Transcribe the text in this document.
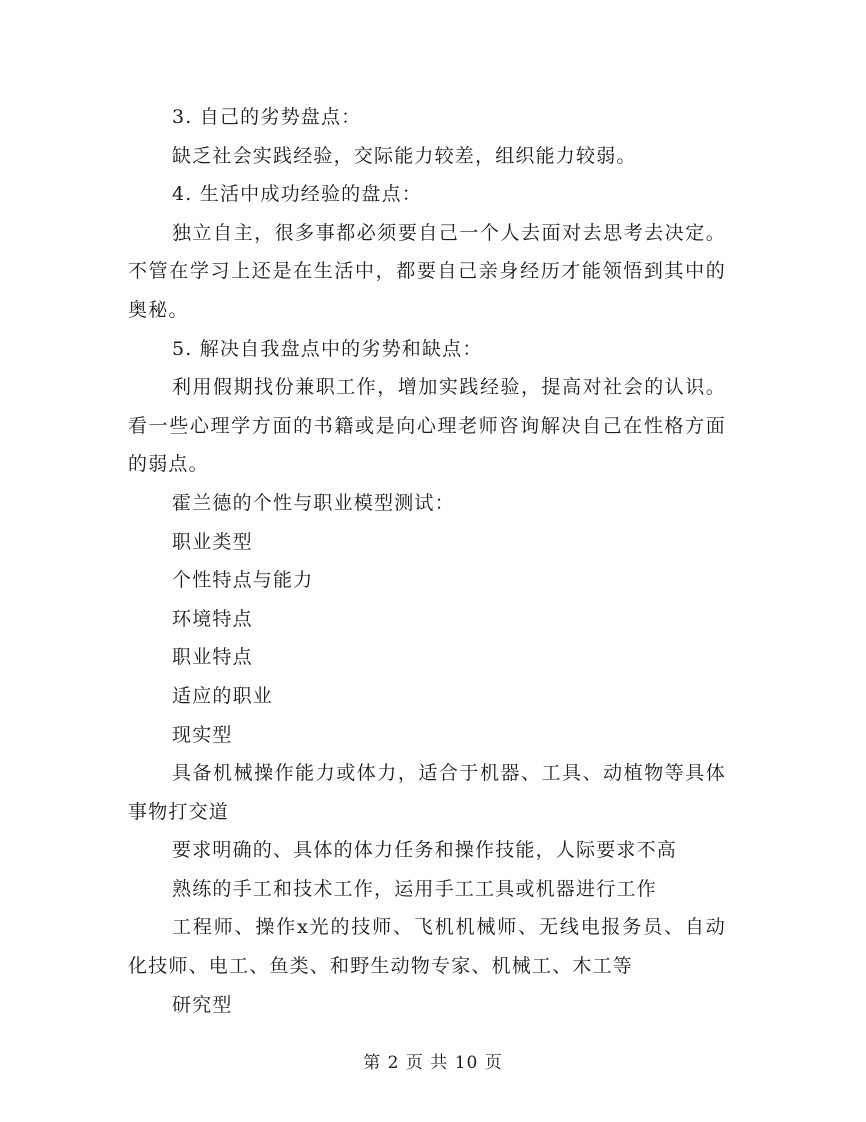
3. 自己的劣势盘点：

缺乏社会实践经验，交际能力较差，组织能力较弱。

4. 生活中成功经验的盘点：

独立自主，很多事都必须要自己一个人去面对去思考去决定。不管在学习上还是在生活中，都要自己亲身经历才能领悟到其中的奥秘。

5. 解决自我盘点中的劣势和缺点：

利用假期找份兼职工作，增加实践经验，提高对社会的认识。看一些心理学方面的书籍或是向心理老师咨询解决自己在性格方面的弱点。

霍兰德的个性与职业模型测试：

职业类型

个性特点与能力

环境特点

职业特点

适应的职业

现实型

具备机械操作能力或体力，适合于机器、工具、动植物等具体事物打交道

要求明确的、具体的体力任务和操作技能，人际要求不高

熟练的手工和技术工作，运用手工工具或机器进行工作

工程师、操作x光的技师、飞机机械师、无线电报务员、自动化技师、电工、鱼类、和野生动物专家、机械工、木工等

研究型

第 2 页 共 10 页
